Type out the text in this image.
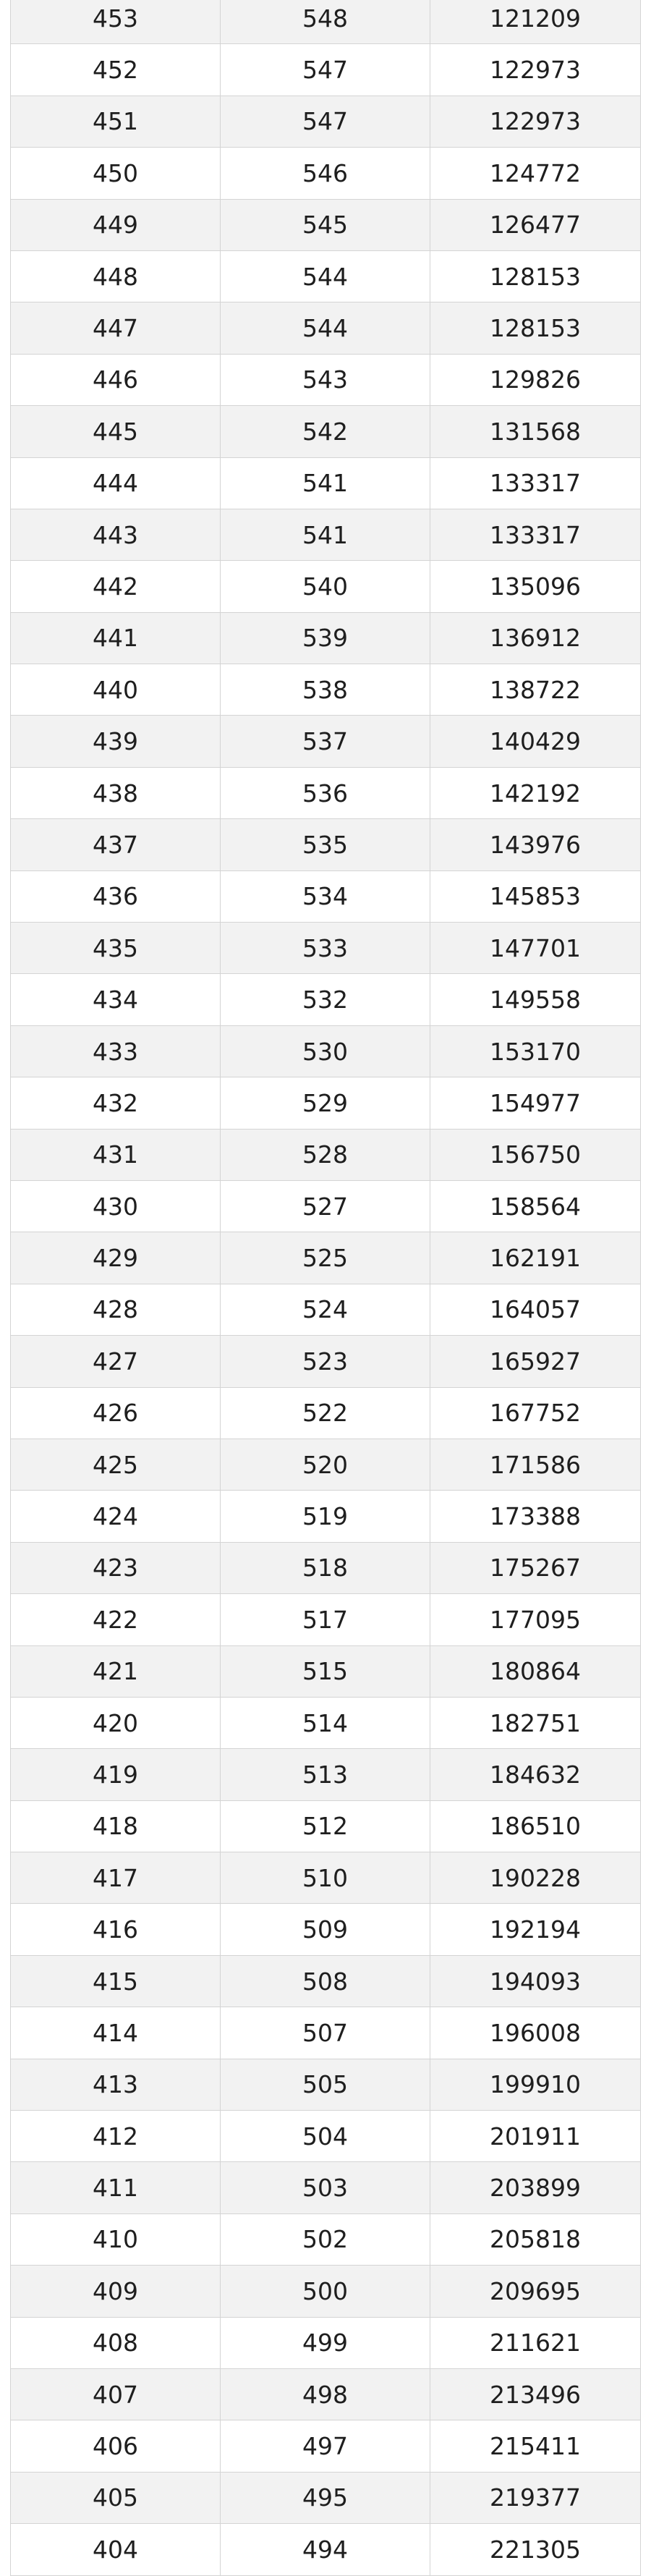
453	548	121209
452	547	122973
451	547	122973
450	546	124772
449	545	126477
448	544	128153
447	544	128153
446	543	129826
445	542	131568
444	541	133317
443	541	133317
442	540	135096
441	539	136912
440	538	138722
439	537	140429
438	536	142192
437	535	143976
436	534	145853
435	533	147701
434	532	149558
433	530	153170
432	529	154977
431	528	156750
430	527	158564
429	525	162191
428	524	164057
427	523	165927
426	522	167752
425	520	171586
424	519	173388
423	518	175267
422	517	177095
421	515	180864
420	514	182751
419	513	184632
418	512	186510
417	510	190228
416	509	192194
415	508	194093
414	507	196008
413	505	199910
412	504	201911
411	503	203899
410	502	205818
409	500	209695
408	499	211621
407	498	213496
406	497	215411
405	495	219377
404	494	221305
